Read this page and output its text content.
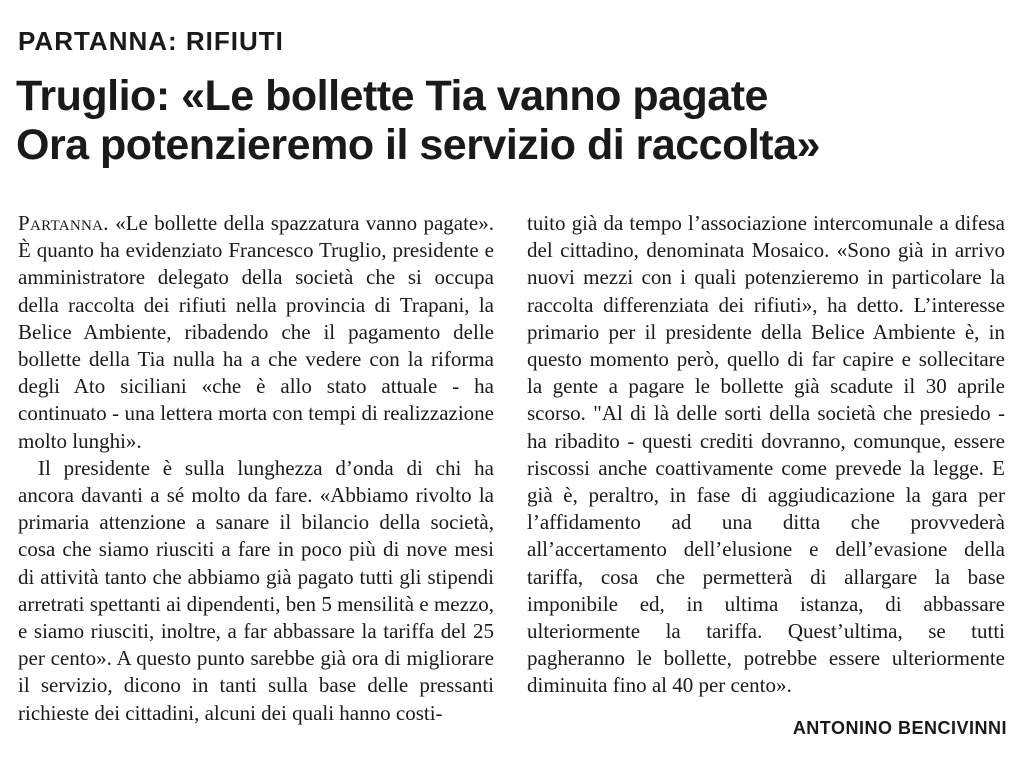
PARTANNA: RIFIUTI
Truglio: «Le bollette Tia vanno pagate
Ora potenzieremo il servizio di raccolta»

Partanna. «Le bollette della spazzatura vanno pagate». È quanto ha evidenziato Francesco Truglio, presidente e amministratore delegato della società che si occupa della raccolta dei rifiuti nella provincia di Trapani, la Belice Ambiente, ribadendo che il pagamento delle bollette della Tia nulla ha a che vedere con la riforma degli Ato siciliani «che è allo stato attuale - ha continuato - una lettera morta con tempi di realizzazione molto lunghi».

Il presidente è sulla lunghezza d’onda di chi ha ancora davanti a sé molto da fare. «Abbiamo rivolto la primaria attenzione a sanare il bilancio della società, cosa che siamo riusciti a fare in poco più di nove mesi di attività tanto che abbiamo già pagato tutti gli stipendi arretrati spettanti ai dipendenti, ben 5 mensilità e mezzo, e siamo riusciti, inoltre, a far abbassare la tariffa del 25 per cento». A questo punto sarebbe già ora di migliorare il servizio, dicono in tanti sulla base delle pressanti richieste dei cittadini, alcuni dei quali hanno costi-

tuito già da tempo l’associazione intercomunale a difesa del cittadino, denominata Mosaico. «Sono già in arrivo nuovi mezzi con i quali potenzieremo in particolare la raccolta differenziata dei rifiuti», ha detto. L’interesse primario per il presidente della Belice Ambiente è, in questo momento però, quello di far capire e sollecitare la gente a pagare le bollette già scadute il 30 aprile scorso. "Al di là delle sorti della società che presiedo - ha ribadito - questi crediti dovranno, comunque, essere riscossi anche coattivamente come prevede la legge. E già è, peraltro, in fase di aggiudicazione la gara per l’affidamento ad una ditta che provvederà all’accertamento dell’elusione e dell’evasione della tariffa, cosa che permetterà di allargare la base imponibile ed, in ultima istanza, di abbassare ulteriormente la tariffa. Quest’ultima, se tutti pagheranno le bollette, potrebbe essere ulteriormente diminuita fino al 40 per cento».

ANTONINO BENCIVINNI
